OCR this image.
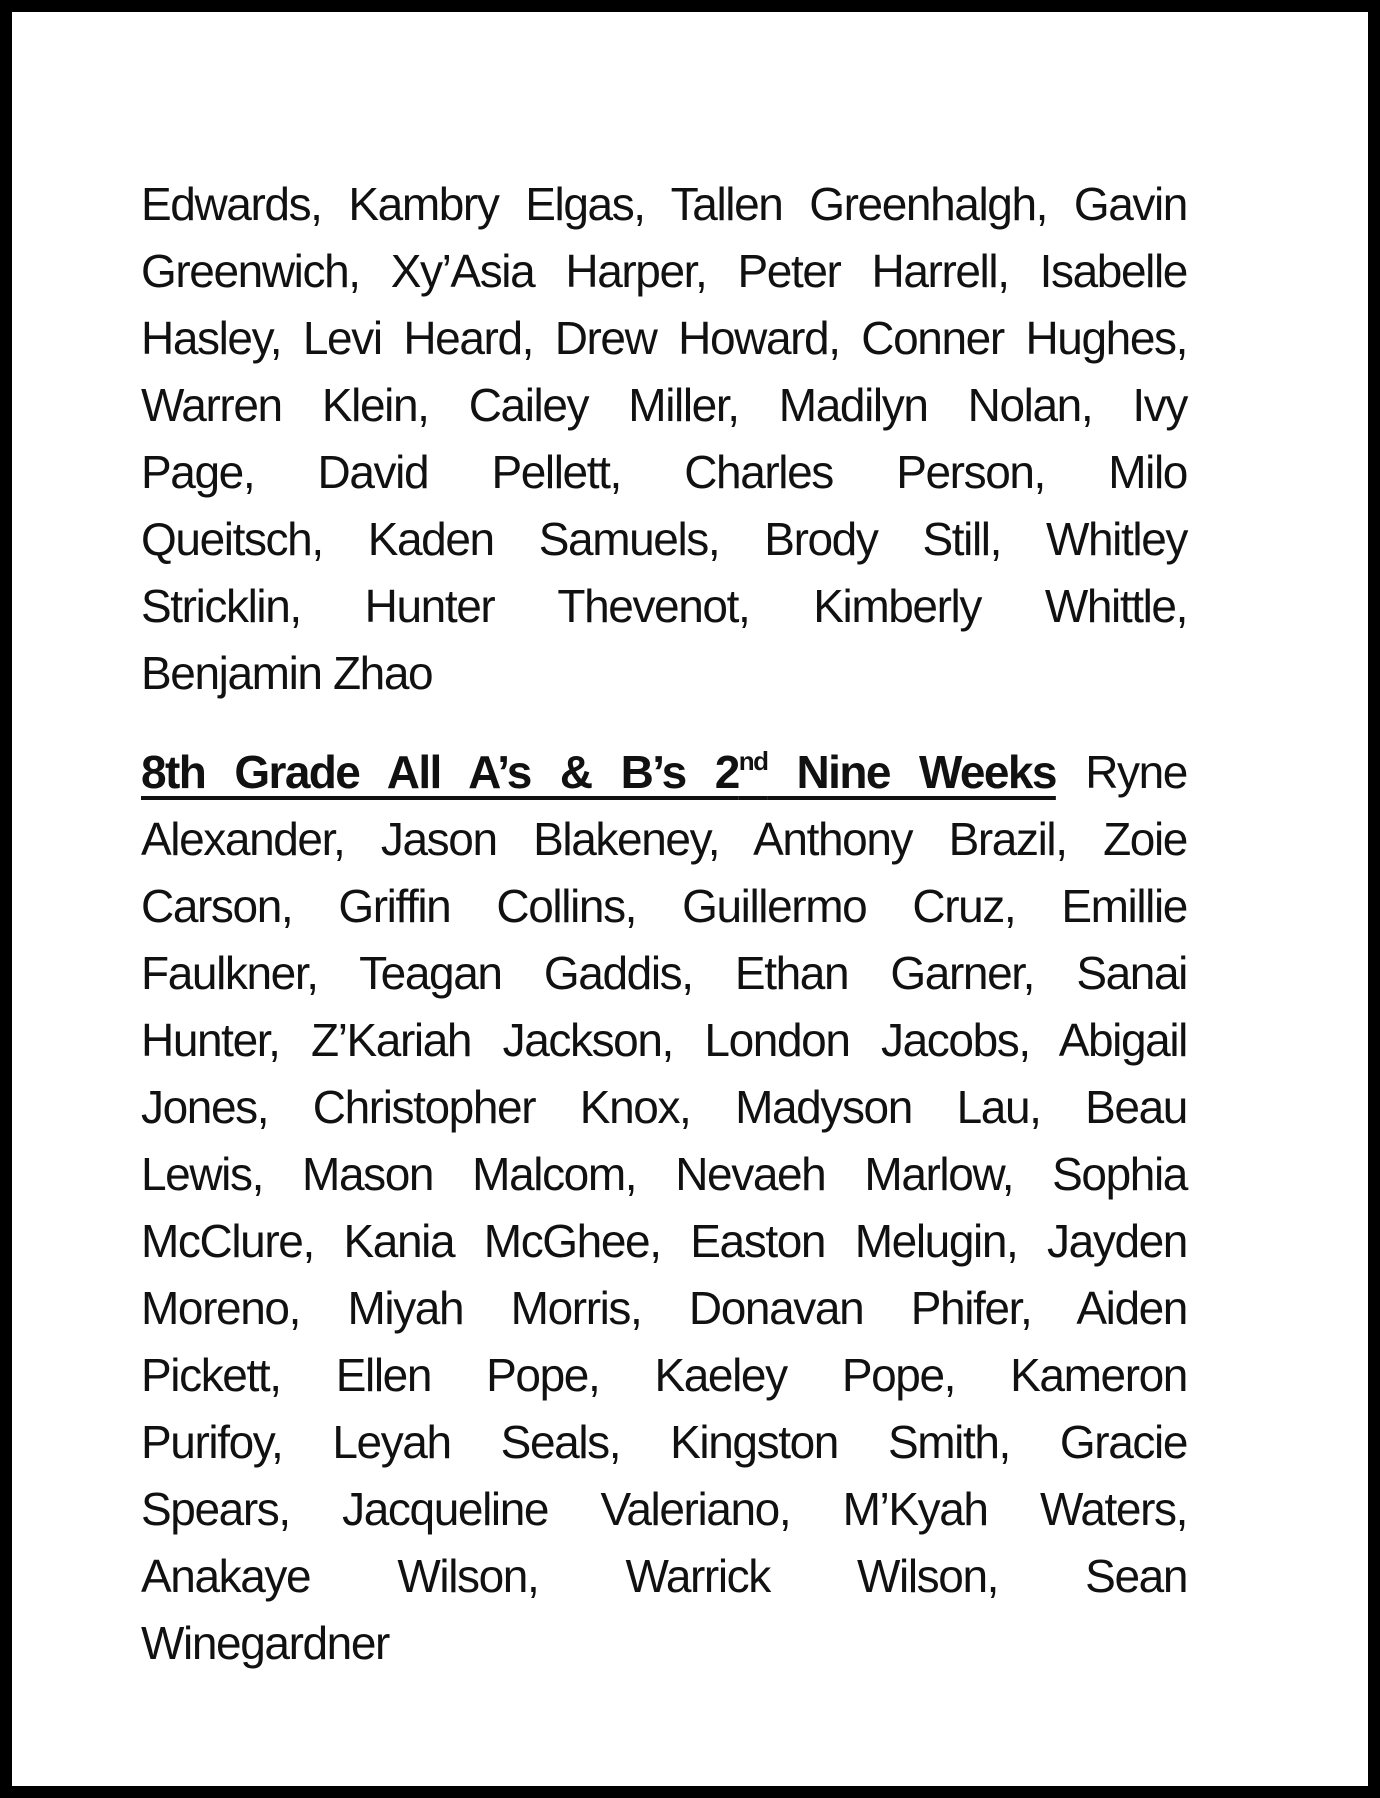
Edwards, Kambry Elgas, Tallen Greenhalgh, Gavin
Greenwich, Xy’Asia Harper, Peter Harrell, Isabelle
Hasley, Levi Heard, Drew Howard, Conner Hughes,
Warren Klein, Cailey Miller, Madilyn Nolan, Ivy
Page, David Pellett, Charles Person, Milo
Queitsch, Kaden Samuels, Brody Still, Whitley
Stricklin, Hunter Thevenot, Kimberly Whittle,
Benjamin Zhao
8th Grade All A’s & B’s 2nd Nine Weeks Ryne
Alexander, Jason Blakeney, Anthony Brazil, Zoie
Carson, Griffin Collins, Guillermo Cruz, Emillie
Faulkner, Teagan Gaddis, Ethan Garner, Sanai
Hunter, Z’Kariah Jackson, London Jacobs, Abigail
Jones, Christopher Knox, Madyson Lau, Beau
Lewis, Mason Malcom, Nevaeh Marlow, Sophia
McClure, Kania McGhee, Easton Melugin, Jayden
Moreno, Miyah Morris, Donavan Phifer, Aiden
Pickett, Ellen Pope, Kaeley Pope, Kameron
Purifoy, Leyah Seals, Kingston Smith, Gracie
Spears, Jacqueline Valeriano, M’Kyah Waters,
Anakaye Wilson, Warrick Wilson, Sean
Winegardner
